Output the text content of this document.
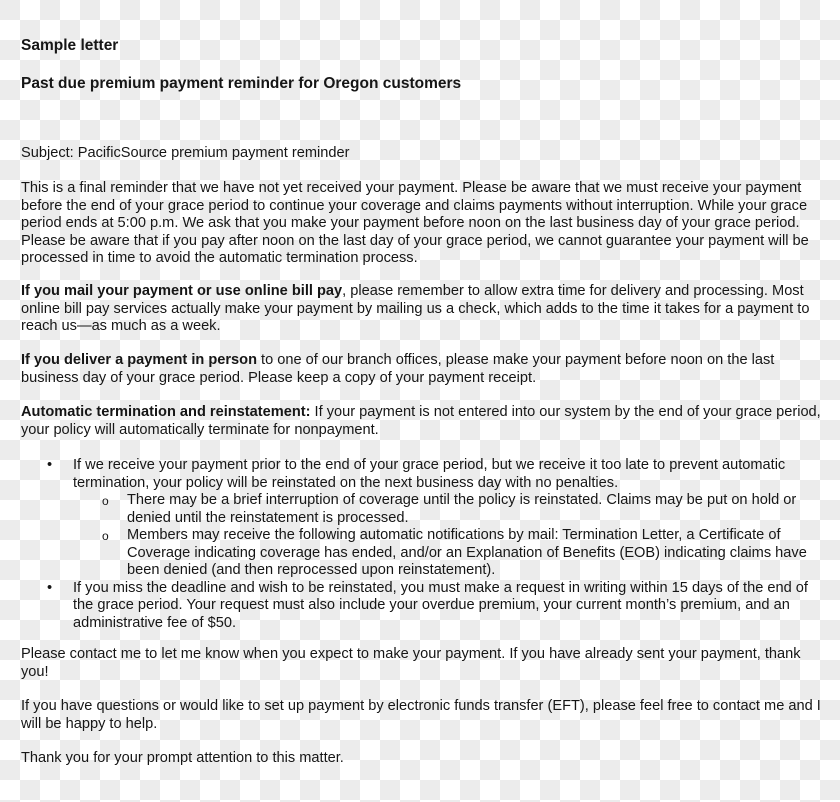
Sample letter
Past due premium payment reminder for Oregon customers
Subject: PacificSource premium payment reminder
This is a final reminder that we have not yet received your payment. Please be aware that we must receive your payment before the end of your grace period to continue your coverage and claims payments without interruption. While your grace period ends at 5:00 p.m. We ask that you make your payment before noon on the last business day of your grace period. Please be aware that if you pay after noon on the last day of your grace period, we cannot guarantee your payment will be processed in time to avoid the automatic termination process.
If you mail your payment or use online bill pay, please remember to allow extra time for delivery and processing. Most online bill pay services actually make your payment by mailing us a check, which adds to the time it takes for a payment to reach us—as much as a week.
If you deliver a payment in person to one of our branch offices, please make your payment before noon on the last business day of your grace period. Please keep a copy of your payment receipt.
Automatic termination and reinstatement: If your payment is not entered into our system by the end of your grace period, your policy will automatically terminate for nonpayment.
• If we receive your payment prior to the end of your grace period, but we receive it too late to prevent automatic termination, your policy will be reinstated on the next business day with no penalties.
o There may be a brief interruption of coverage until the policy is reinstated. Claims may be put on hold or denied until the reinstatement is processed.
o Members may receive the following automatic notifications by mail: Termination Letter, a Certificate of Coverage indicating coverage has ended, and/or an Explanation of Benefits (EOB) indicating claims have been denied (and then reprocessed upon reinstatement).
• If you miss the deadline and wish to be reinstated, you must make a request in writing within 15 days of the end of the grace period. Your request must also include your overdue premium, your current month’s premium, and an administrative fee of $50.
Please contact me to let me know when you expect to make your payment. If you have already sent your payment, thank you!
If you have questions or would like to set up payment by electronic funds transfer (EFT), please feel free to contact me and I will be happy to help.
Thank you for your prompt attention to this matter.
